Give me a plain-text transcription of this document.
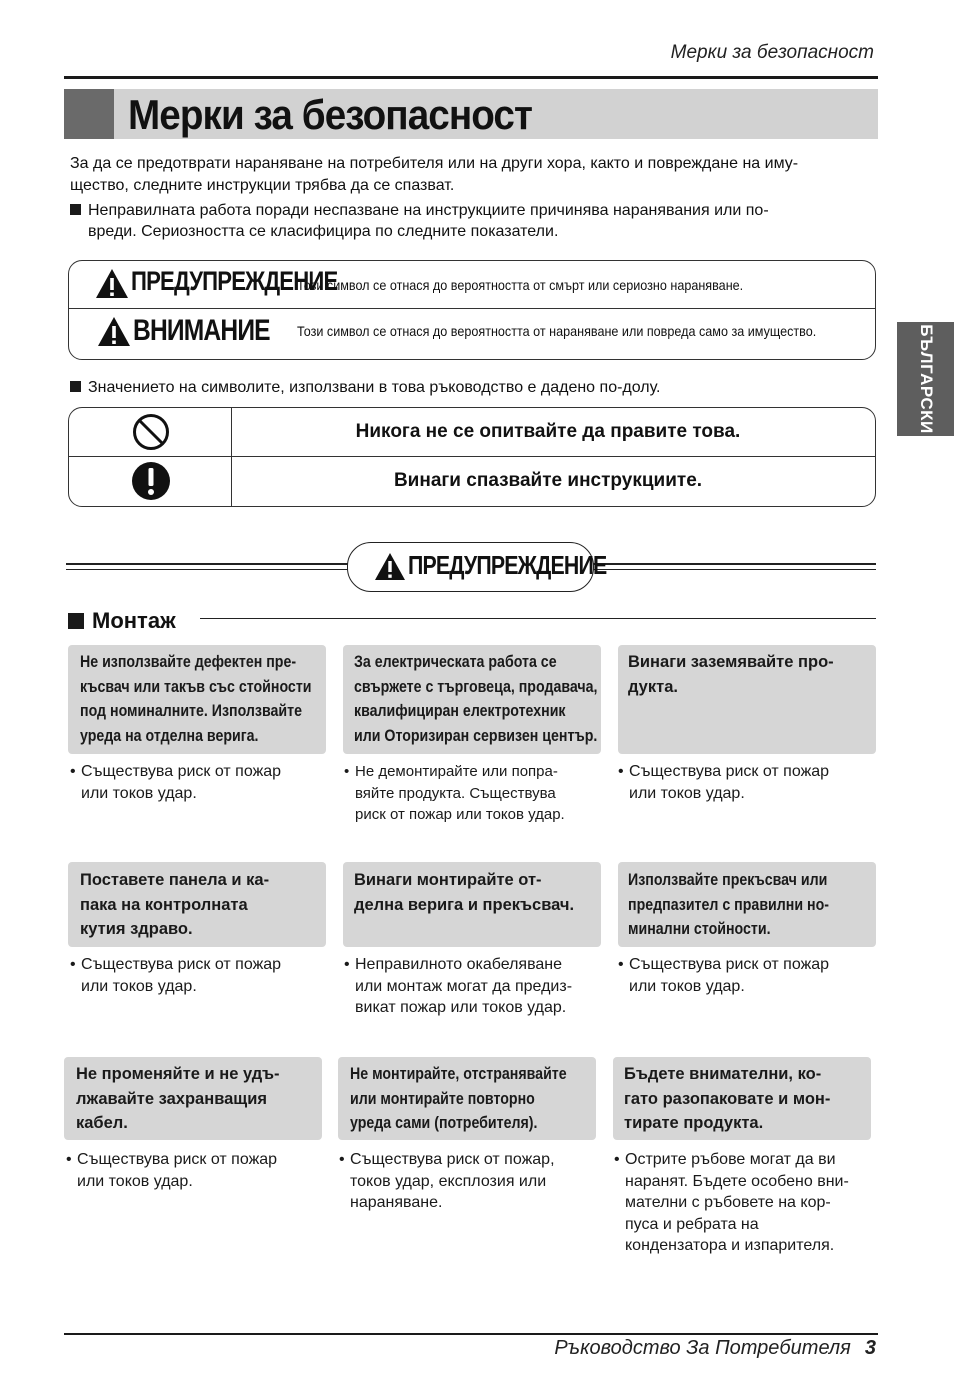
Мерки за безопасност
Мерки за безопасност
За да се предотврати нараняване на потребителя или на други хора, както и повреждане на иму-
щество, следните инструкции трябва да се спазват.
Неправилната работа поради неспазване на инструкциите причинява наранявания или по-
вреди. Сериозността се класифицира по следните показатели.
ПРЕДУПРЕЖДЕНИЕ
Този символ се отнася до вероятността от смърт или сериозно нараняване.
ВНИМАНИЕ Този символ се отнася до вероятността от нараняване или повреда само за имущество.
Значението на символите, използвани в това ръководство е дадено по-долу.
Никога не се опитвайте да правите това.
Винаги спазвайте инструкциите.
ПРЕДУПРЕЖДЕНИЕ
Монтаж
Не използвайте дефектен пре-
късвач или такъв със стойности
под номиналните. Използвайте
уреда на отделна верига.
• Съществува риск от пожар
или токов удар.
За електрическата работа се
свържете с търговеца, продавача,
квалифициран електротехник
или Оторизиран сервизен център.
• Не демонтирайте или попра-
вяйте продукта. Съществува
риск от пожар или токов удар.
Винаги заземявайте про-
дукта.
• Съществува риск от пожар
или токов удар.
Поставете панела и ка-
пака на контролната
кутия здраво.
• Съществува риск от пожар
или токов удар.
Винаги монтирайте от-
делна верига и прекъсвач.
• Неправилното окабеляване
или монтаж могат да предиз-
викат пожар или токов удар.
Използвайте прекъсвач или
предпазител с правилни но-
минални стойности.
• Съществува риск от пожар
или токов удар.
Не променяйте и не удъ-
лжавайте захранващия
кабел.
• Съществува риск от пожар
или токов удар.
Не монтирайте, отстранявайте
или монтирайте повторно
уреда сами (потребителя).
• Съществува риск от пожар,
токов удар, експлозия или
нараняване.
Бъдете внимателни, ко-
гато разопаковате и мон-
тирате продукта.
• Острите ръбове могат да ви
наранят. Бъдете особено вни-
мателни с ръбовете на кор-
пуса и ребрата на
кондензатора и изпарителя.
БЪЛГАРСКИ
Ръководство За Потребителя 3
